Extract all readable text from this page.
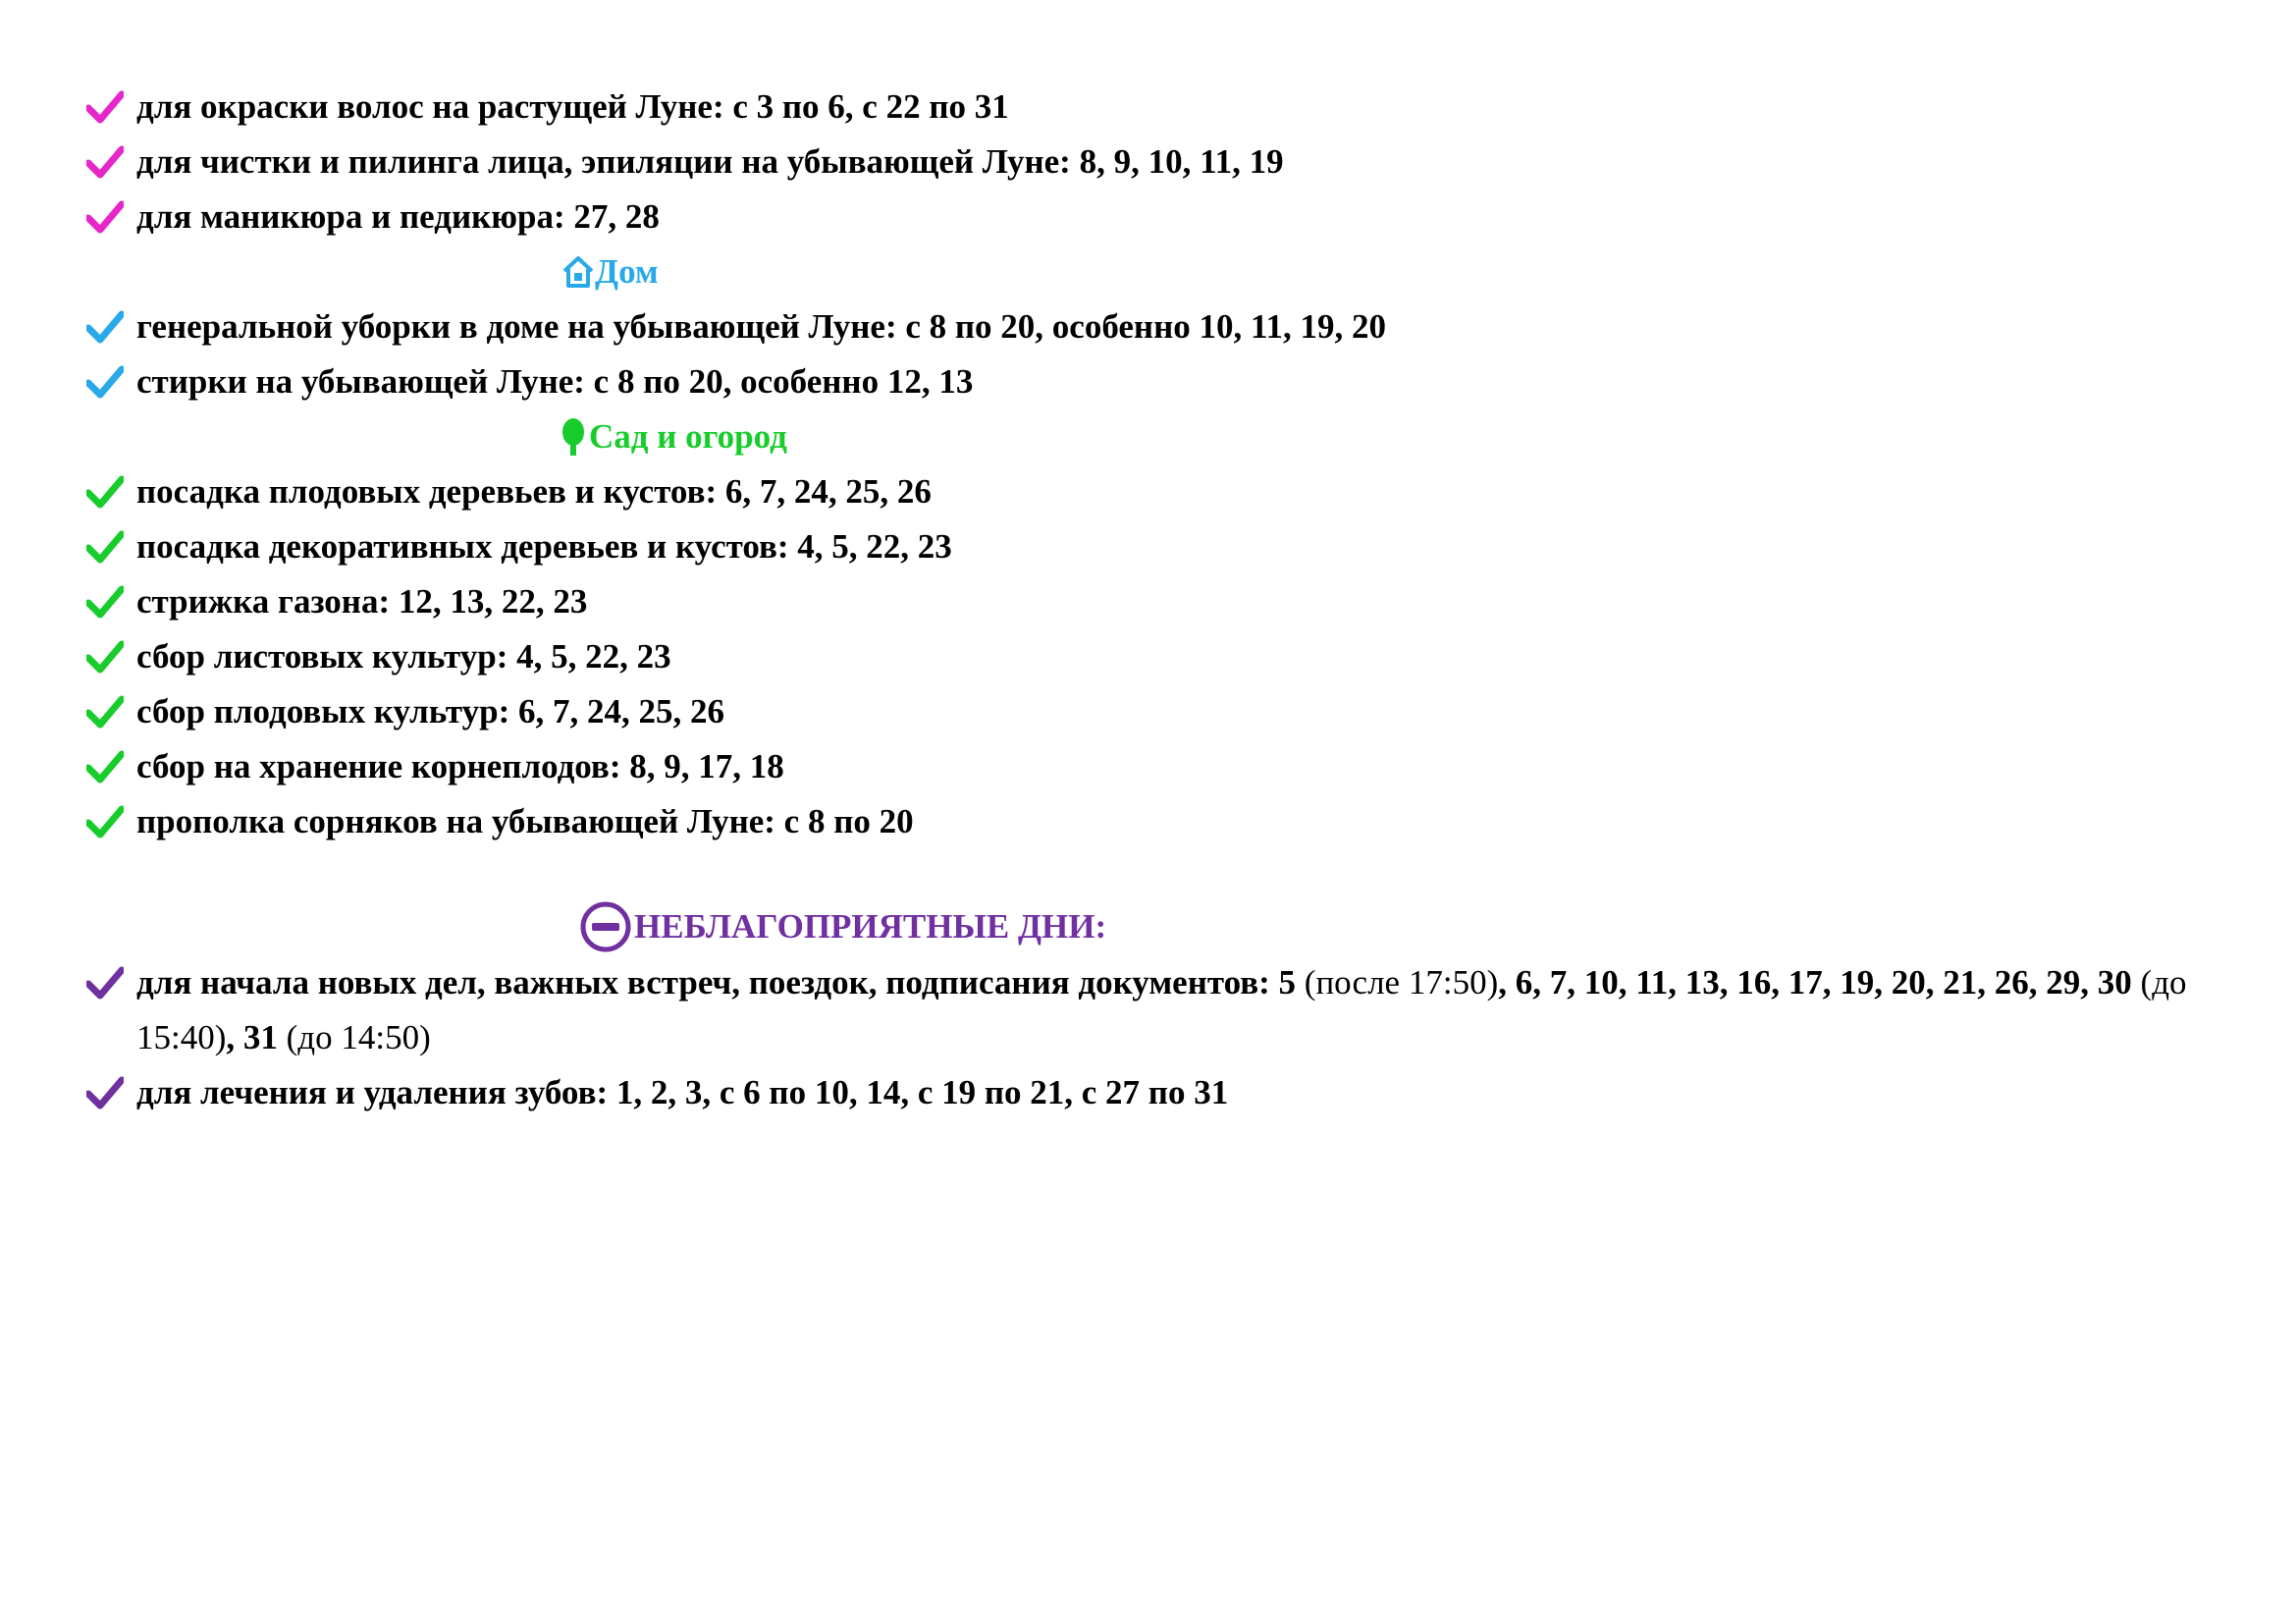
для окраски волос на растущей Луне: с 3 по 6, с 22 по 31
для чистки и пилинга лица, эпиляции на убывающей Луне: 8, 9, 10, 11, 19
для маникюра и педикюра: 27, 28
Дом
генеральной уборки в доме на убывающей Луне: с 8 по 20, особенно 10, 11, 19, 20
стирки на убывающей Луне: с 8 по 20, особенно 12, 13
Сад и огород
посадка плодовых деревьев и кустов: 6, 7, 24, 25, 26
посадка декоративных деревьев и кустов: 4, 5, 22, 23
стрижка газона: 12, 13, 22, 23
сбор листовых культур: 4, 5, 22, 23
сбор плодовых культур: 6, 7, 24, 25, 26
сбор на хранение корнеплодов: 8, 9, 17, 18
прополка сорняков на убывающей Луне: с 8 по 20
НЕБЛАГОПРИЯТНЫЕ ДНИ :
для начала новых дел, важных встреч, поездок, подписания документов: 5 (после 17:50), 6, 7, 10, 11, 13, 16, 17, 19, 20, 21, 26, 29, 30 (до 15:40), 31 (до 14:50)
для лечения и удаления зубов: 1, 2, 3, с 6 по 10, 14, с 19 по 21, с 27 по 31
